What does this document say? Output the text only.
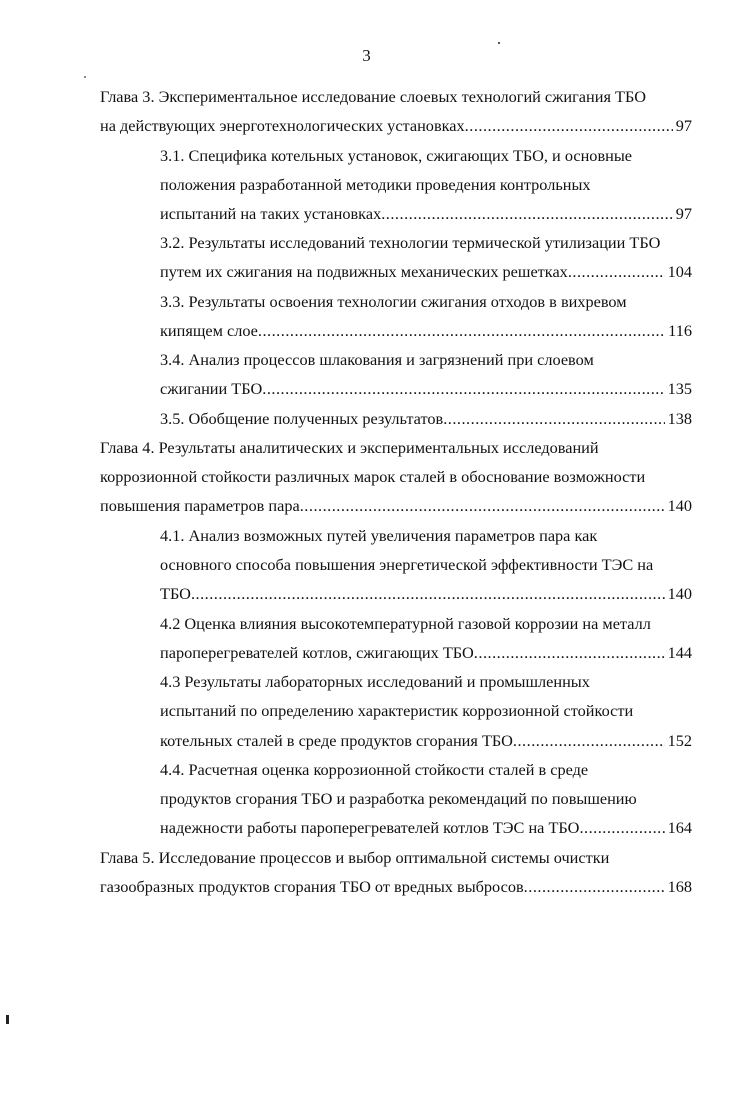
3
Глава 3. Экспериментальное исследование слоевых технологий сжигания ТБО
на действующих энерготехнологических установках .....	97
3.1. Специфика котельных установок, сжигающих ТБО, и основные
положения разработанной методики проведения контрольных
испытаний на таких установках .....	97
3.2. Результаты исследований технологии термической утилизации ТБО
путем их сжигания на подвижных механических решетках .....	104
3.3. Результаты освоения технологии сжигания отходов в вихревом
кипящем слое .....	116
3.4. Анализ процессов шлакования и загрязнений при слоевом
сжигании ТБО .....	135
3.5. Обобщение полученных результатов .....	138
Глава 4. Результаты аналитических и экспериментальных исследований
коррозионной стойкости различных марок сталей в обоснование возможности
повышения параметров пара .....	140
4.1. Анализ возможных путей увеличения параметров пара как
основного способа повышения энергетической эффективности ТЭС на
ТБО .....	140
4.2 Оценка влияния высокотемпературной газовой коррозии на металл
пароперегревателей котлов, сжигающих ТБО .....	144
4.3 Результаты лабораторных исследований и промышленных
испытаний по определению характеристик коррозионной стойкости
котельных сталей в среде продуктов сгорания ТБО .....	152
4.4. Расчетная оценка коррозионной стойкости сталей в среде
продуктов сгорания ТБО и разработка рекомендаций по повышению
надежности работы пароперегревателей котлов ТЭС на ТБО .....	164
Глава 5. Исследование процессов и выбор оптимальной системы очистки
газообразных продуктов сгорания ТБО от вредных выбросов .....	168
